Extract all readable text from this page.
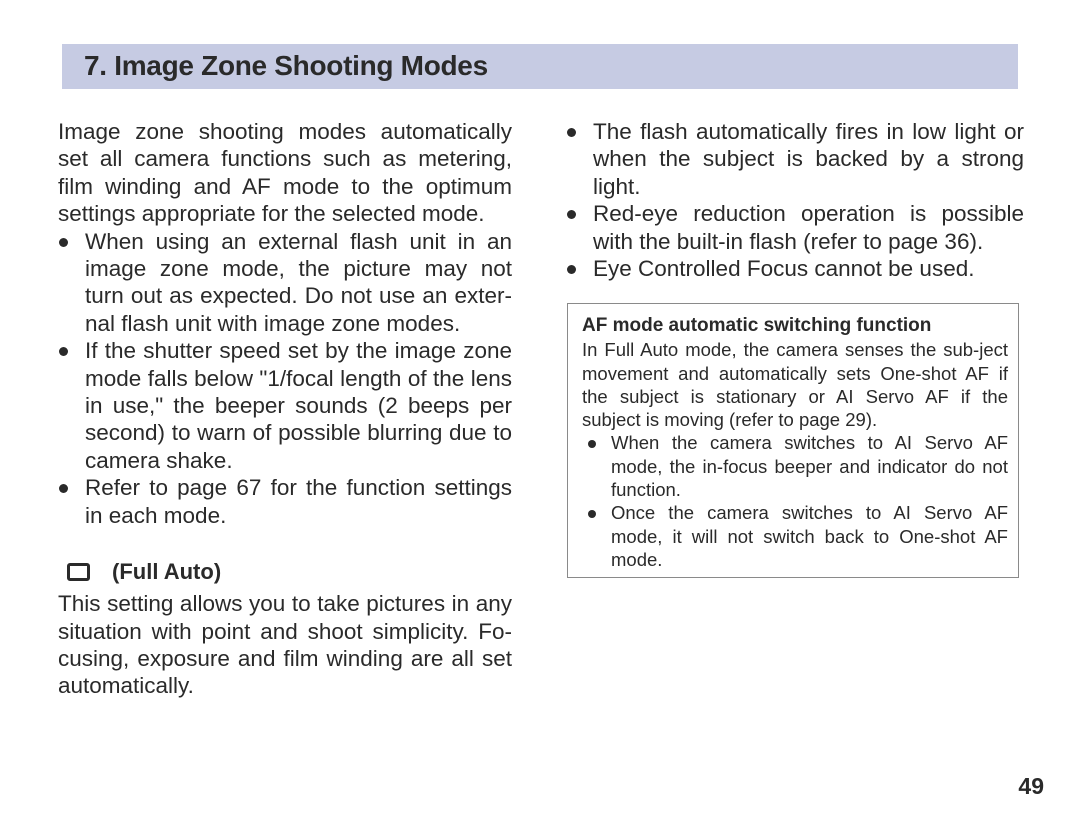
7. Image Zone Shooting Modes

Image zone shooting modes automatically set all camera functions such as metering, film winding and AF mode to the optimum settings appropriate for the selected mode.

When using an external flash unit in an image zone mode, the picture may not turn out as expected. Do not use an exter-nal flash unit with image zone modes.
If the shutter speed set by the image zone mode falls below "1/focal length of the lens in use," the beeper sounds (2 beeps per second) to warn of possible blurring due to camera shake.
Refer to page 67 for the function settings in each mode.
(Full Auto)

This setting allows you to take pictures in any situation with point and shoot simplicity. Fo-cusing, exposure and film winding are all set automatically.

The flash automatically fires in low light or when the subject is backed by a strong light.
Red-eye reduction operation is possible with the built-in flash (refer to page 36).
Eye Controlled Focus cannot be used.
AF mode automatic switching function

In Full Auto mode, the camera senses the sub-ject movement and automatically sets One-shot AF if the subject is stationary or AI Servo AF if the subject is moving (refer to page 29).

When the camera switches to AI Servo AF mode, the in-focus beeper and indicator do not function.
Once the camera switches to AI Servo AF mode, it will not switch back to One-shot AF mode.
49
